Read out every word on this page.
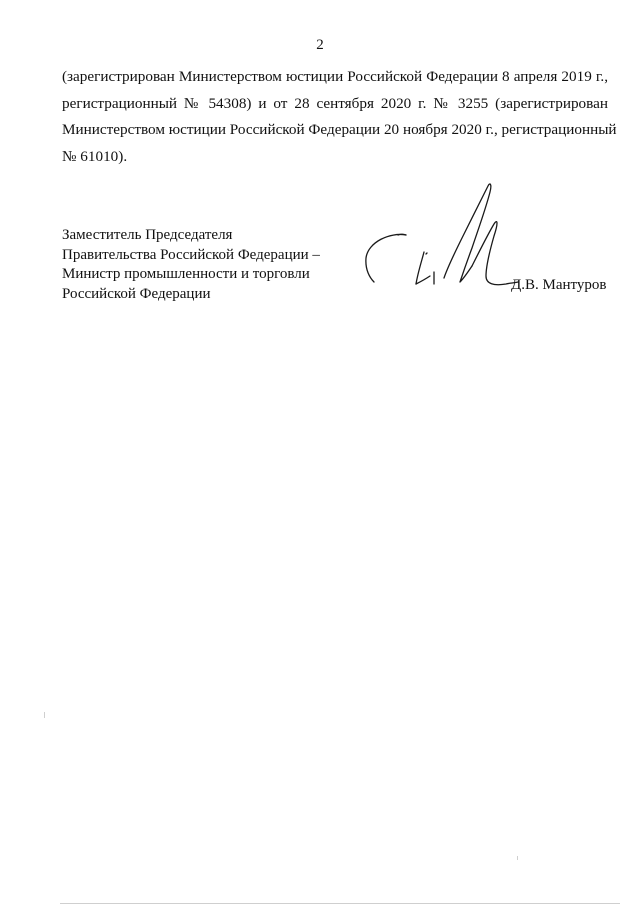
2

(зарегистрирован Министерством юстиции Российской Федерации 8 апреля 2019 г.,
регистрационный № 54308) и от 28 сентября 2020 г. № 3255 (зарегистрирован
Министерством юстиции Российской Федерации 20 ноября 2020 г., регистрационный
№ 61010).

Заместитель Председателя
Правительства Российской Федерации –
Министр промышленности и торговли
Российской Федерации
Д.В. Мантуров
